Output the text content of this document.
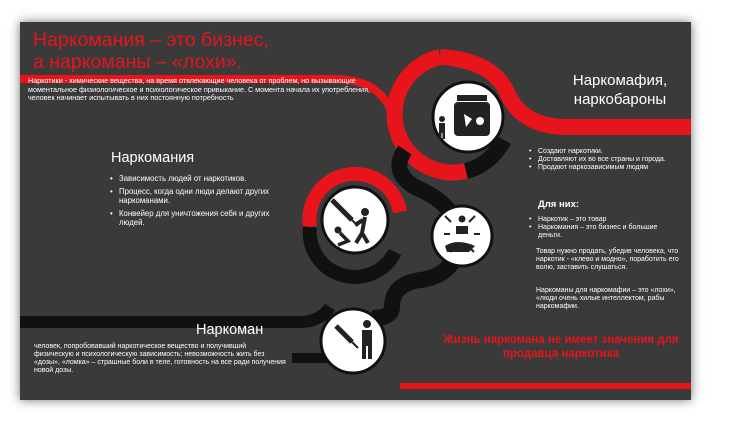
Наркомания – это бизнес,
а наркоманы – «лохи».

Наркотики - химические вещества, на время отвлекающие человека от проблем, но вызывающие моментальное физиологическое и психологическое привыкание. С момента начала их употребления, человек начинает испытывать в них постоянную потребность

Наркомафия,
наркобароны
• Создают наркотики.
• Доставляют их во все страны и города.
• Продают наркозависимым людям
Для них:
• Наркотик – это товар
• Наркомания – это бизнес и большие деньги.

Товар нужно продать, убедив человека, что наркотик - «клево и модно», поработить его волю, заставить слушаться.

Наркоманы для наркомафии – это «лохи», «люди очень хилые интеллектом, рабы наркомафии.

Наркомания
• Зависимость людей от наркотиков.
• Процесс, когда одни люди делают других наркоманами.
• Конвейер для уничтожения себя и других людей.
Наркоман

человек, попробовавший наркотическое вещество и получивший физическую и психологическую зависимость; невозможность жить без «дозы», «ломка» – страшные боли в теле, готовность на все ради получения новой дозы.

Жизнь наркомана не имеет значения для продавца наркотика
